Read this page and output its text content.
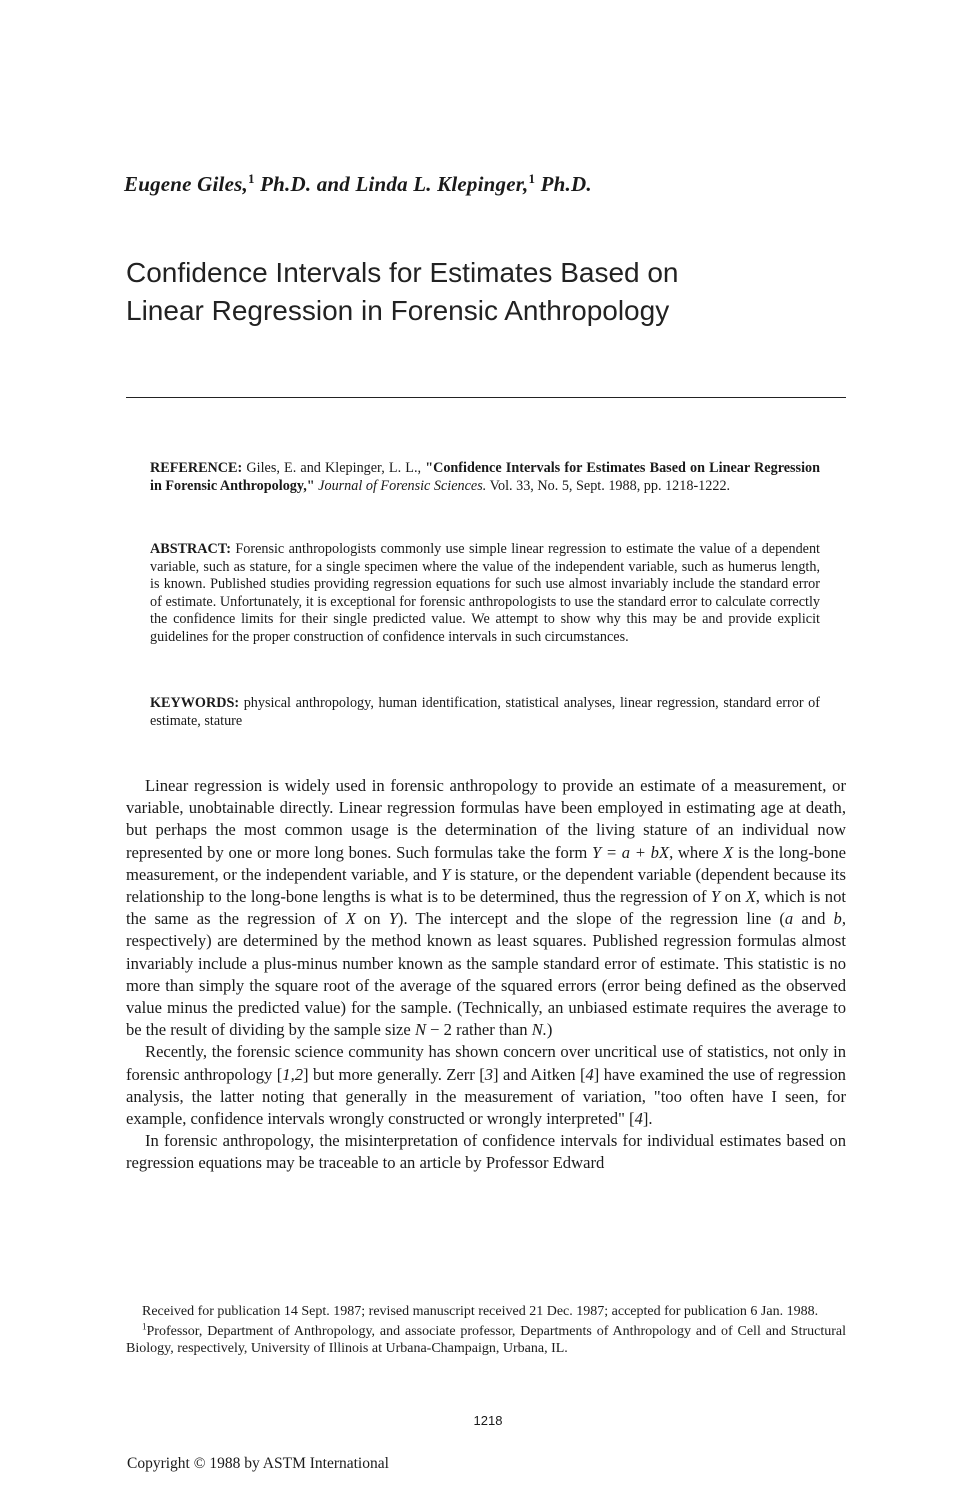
Eugene Giles,$^1$ Ph.D. and Linda L. Klepinger,$^1$ Ph.D.
Confidence Intervals for Estimates Based on
Linear Regression in Forensic Anthropology

REFERENCE: Giles, E. and Klepinger, L. L., "Confidence Intervals for Estimates Based on Linear Regression in Forensic Anthropology," Journal of Forensic Sciences. Vol. 33, No. 5, Sept. 1988, pp. 1218-1222.

ABSTRACT: Forensic anthropologists commonly use simple linear regression to estimate the value of a dependent variable, such as stature, for a single specimen where the value of the independent variable, such as humerus length, is known. Published studies providing regression equations for such use almost invariably include the standard error of estimate. Unfortunately, it is exceptional for forensic anthropologists to use the standard error to calculate correctly the confidence limits for their single predicted value. We attempt to show why this may be and provide explicit guidelines for the proper construction of confidence intervals in such circumstances.

KEYWORDS: physical anthropology, human identification, statistical analyses, linear regression, standard error of estimate, stature

Linear regression is widely used in forensic anthropology to provide an estimate of a measurement, or variable, unobtainable directly. Linear regression formulas have been employed in estimating age at death, but perhaps the most common usage is the determination of the living stature of an individual now represented by one or more long bones. Such formulas take the form Y = a + bX, where X is the long-bone measurement, or the independent variable, and Y is stature, or the dependent variable (dependent because its relationship to the long-bone lengths is what is to be determined, thus the regression of Y on X, which is not the same as the regression of X on Y). The intercept and the slope of the regression line (a and b, respectively) are determined by the method known as least squares. Published regression formulas almost invariably include a plus-minus number known as the sample standard error of estimate. This statistic is no more than simply the square root of the average of the squared errors (error being defined as the observed value minus the predicted value) for the sample. (Technically, an unbiased estimate requires the average to be the result of dividing by the sample size N − 2 rather than N.)

Recently, the forensic science community has shown concern over uncritical use of statistics, not only in forensic anthropology [1,2] but more generally. Zerr [3] and Aitken [4] have examined the use of regression analysis, the latter noting that generally in the measurement of variation, "too often have I seen, for example, confidence intervals wrongly constructed or wrongly interpreted" [4].

In forensic anthropology, the misinterpretation of confidence intervals for individual estimates based on regression equations may be traceable to an article by Professor Edward

Received for publication 14 Sept. 1987; revised manuscript received 21 Dec. 1987; accepted for publication 6 Jan. 1988.

$^1$Professor, Department of Anthropology, and associate professor, Departments of Anthropology and of Cell and Structural Biology, respectively, University of Illinois at Urbana-Champaign, Urbana, IL.

1218

Copyright © 1988 by ASTM International
